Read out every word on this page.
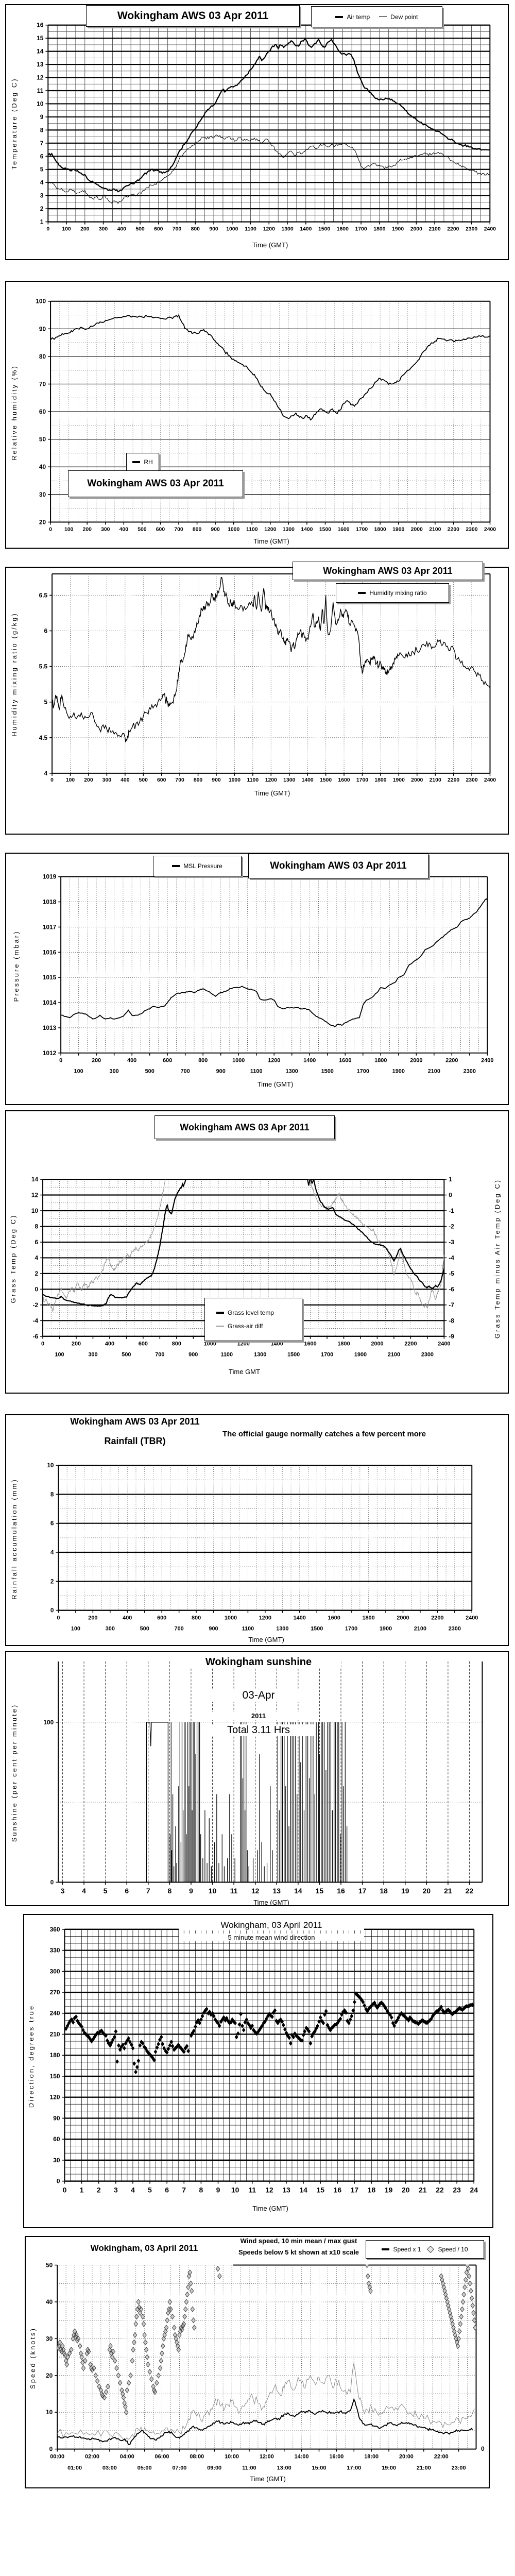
16
15
14
13
12
11
10
9
8
7
6
5
4
3
2
1
0 100 200 300 400 500 600 700 800 900 1000 1100 1200 1300 1400 1500 1600 1700 1800 1900 2000 2100 2200 2300 2400
Wokingham AWS 03 Apr 2011	Air temp	Dew point
Temperature (Deg C)
Time (GMT)
100
90
80
70
60
50
40
30
20
0 100 200 300 400 500 600 700 800 900 1000 1100 1200 1300 1400 1500 1600 1700 1800 1900 2000 2100 2200 2300 2400
RH
Wokingham AWS 03 Apr 2011
Relative humidity (%)
Time (GMT)
6.5
6
5.5
5
4.5
4
0 100 200 300 400 500 600 700 800 900 1000 1100 1200 1300 1400 1500 1600 1700 1800 1900 2000 2100 2200 2300 2400
Wokingham AWS 03 Apr 2011
Humidity mixing ratio
Humidity mixing ratio (g/kg)
Time (GMT)
1019
1018
1017
1016
1015
1014
1013
1012
0	200	400	600	800	1000	1200	1400	1600	1800	2000	2200	2400
100	300	500	700	900	1100	1300	1500	1700	1900	2100	2300
MSL Pressure	Wokingham AWS 03 Apr 2011
Pressure (mbar)
Time (GMT)
14
12
10
8
6
4
2
0
-2
-4
-6
1
0
-1
-2
-3
-4
-5
-6
-7
-8
-9
0	200	400	600	800	1000	1200	1400	1600	1800	2000	2200	2400
100	300	500	700	900	1100	1300	1500	1700	1900	2100	2300
Wokingham AWS 03 Apr 2011
Grass level temp
Grass-air diff
Grass Temp (Deg C)	Grass Temp minus Air Temp (Deg C)
Time GMT
10
8
6
4
2
0
0	200	400	600	800	1000	1200	1400	1600	1800	2000	2200	2400
100	300	500	700	900	1100	1300	1500	1700	1900	2100	2300
Wokingham AWS 03 Apr 2011
Rainfall (TBR)
The official gauge normally catches a few percent more
Rainfall accumulation (mm)
Time (GMT)
100
0
3 4 5 6 7 8 9 10 11 12 13 14 15 16 17 18 19 20 21 22
Wokingham sunshine
03-Apr
2011
Total 3.11 Hrs
Sunshine (per cent per minute)
Time (GMT)
360
330
300
270
240
210
180
150
120
90
60
30
0
0 1 2 3 4 5 6 7 8 9 10 11 12 13 14 15 16 17 18 19 20 21 22 23 24
Wokingham, 03 April 2011
5 minute mean wind direction
Direction, degrees true
Time (GMT)
50
40
30
20
10
0
00:00	02:00	04:00	06:00	08:00	10:00	12:00	14:00	16:00	18:00	20:00	22:00
01:00	03:00	05:00	07:00	09:00	11:00	13:00	15:00	17:00	19:00	21:00	23:00
Wokingham, 03 April 2011
Wind speed, 10 min mean / max gust
Speeds below 5 kt shown at x10 scale	Speed x 1	Speed / 10
Speed (knots)
Time (GMT)
0
